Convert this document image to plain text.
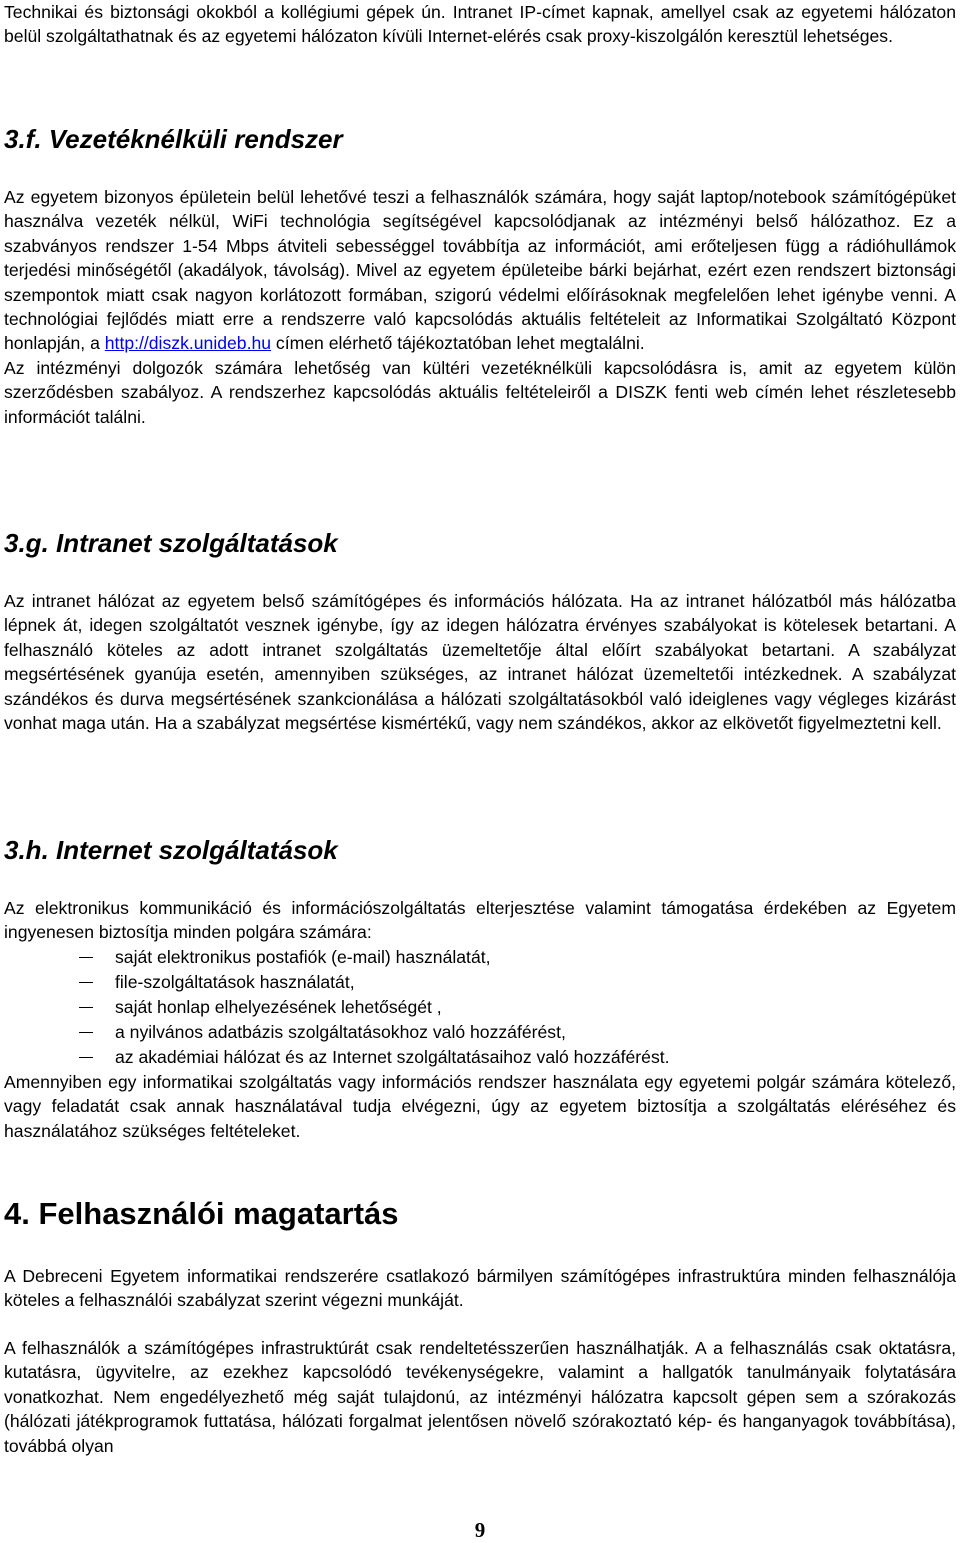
Technikai és biztonsági okokból a kollégiumi gépek ún. Intranet IP-címet kapnak, amellyel csak az egyetemi hálózaton belül szolgáltathatnak és az egyetemi hálózaton kívüli Internet-elérés csak proxy-kiszolgálón keresztül lehetséges.

3.f. Vezetéknélküli rendszer

Az egyetem bizonyos épületein belül lehetővé teszi a felhasználók számára, hogy saját laptop/notebook számítógépüket használva vezeték nélkül, WiFi technológia segítségével kapcsolódjanak az intézményi belső hálózathoz. Ez a szabványos rendszer 1-54 Mbps átviteli sebességgel továbbítja az információt, ami erőteljesen függ a rádióhullámok terjedési minőségétől (akadályok, távolság). Mivel az egyetem épületeibe bárki bejárhat, ezért ezen rendszert biztonsági szempontok miatt csak nagyon korlátozott formában, szigorú védelmi előírásoknak megfelelően lehet igénybe venni. A technológiai fejlődés miatt erre a rendszerre való kapcsolódás aktuális feltételeit az Informatikai Szolgáltató Központ honlapján, a http://diszk.unideb.hu címen elérhető tájékoztatóban lehet megtalálni.

Az intézményi dolgozók számára lehetőség van kültéri vezetéknélküli kapcsolódásra is, amit az egyetem külön szerződésben szabályoz. A rendszerhez kapcsolódás aktuális feltételeiről a DISZK fenti web címén lehet részletesebb információt találni.

3.g. Intranet szolgáltatások

Az intranet hálózat az egyetem belső számítógépes és információs hálózata. Ha az intranet hálózatból más hálózatba lépnek át, idegen szolgáltatót vesznek igénybe, így az idegen hálózatra érvényes szabályokat is kötelesek betartani. A felhasználó köteles az adott intranet szolgáltatás üzemeltetője által előírt szabályokat betartani. A szabályzat megsértésének gyanúja esetén, amennyiben szükséges, az intranet hálózat üzemeltetői intézkednek. A szabályzat szándékos és durva megsértésének szankcionálása a hálózati szolgáltatásokból való ideiglenes vagy végleges kizárást vonhat maga után. Ha a szabályzat megsértése kismértékű, vagy nem szándékos, akkor az elkövetőt figyelmeztetni kell.

3.h. Internet szolgáltatások

Az elektronikus kommunikáció és információszolgáltatás elterjesztése valamint támogatása érdekében az Egyetem ingyenesen biztosítja minden polgára számára:

saját elektronikus postafiók (e-mail) használatát,
file-szolgáltatások használatát,
saját honlap elhelyezésének lehetőségét ,
a nyilvános adatbázis szolgáltatásokhoz való hozzáférést,
az akadémiai hálózat és az Internet szolgáltatásaihoz való hozzáférést.

Amennyiben egy informatikai szolgáltatás vagy információs rendszer használata egy egyetemi polgár számára kötelező, vagy feladatát csak annak használatával tudja elvégezni, úgy az egyetem biztosítja a szolgáltatás eléréséhez és használatához szükséges feltételeket.

4. Felhasználói magatartás

A Debreceni Egyetem informatikai rendszerére csatlakozó bármilyen számítógépes infrastruktúra minden felhasználója köteles a felhasználói szabályzat szerint végezni munkáját.

A felhasználók a számítógépes infrastruktúrát csak rendeltetésszerűen használhatják. A a felhasználás csak oktatásra, kutatásra, ügyvitelre, az ezekhez kapcsolódó tevékenységekre, valamint a hallgatók tanulmányaik folytatására vonatkozhat. Nem engedélyezhető még saját tulajdonú, az intézményi hálózatra kapcsolt gépen sem a szórakozás (hálózati játékprogramok futtatása, hálózati forgalmat jelentősen növelő szórakoztató kép- és hanganyagok továbbítása), továbbá olyan

9
